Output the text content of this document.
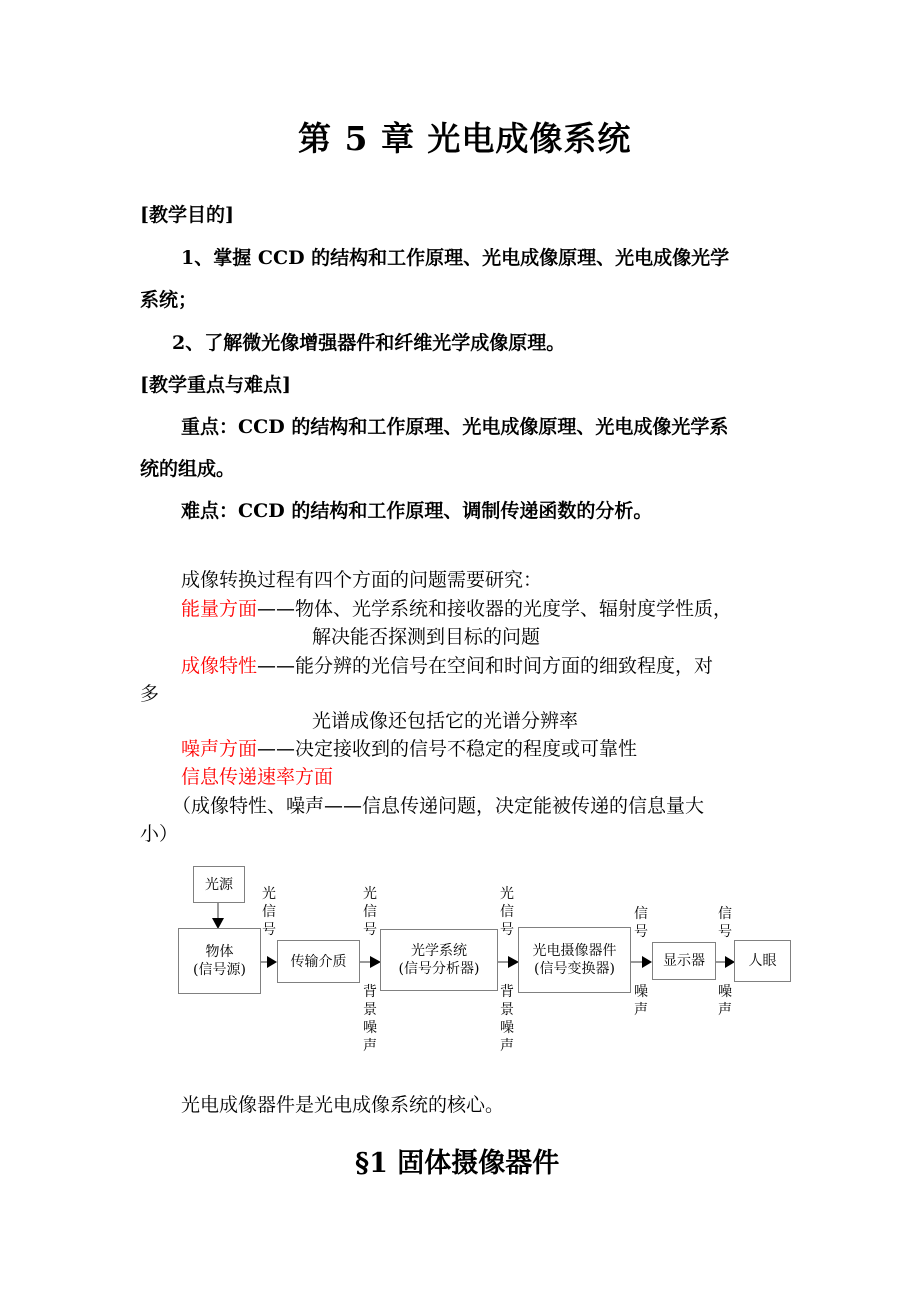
第 5 章 光电成像系统
[教学目的]
1、掌握 CCD 的结构和工作原理、光电成像原理、光电成像光学
系统；
2、了解微光像增强器件和纤维光学成像原理。
[教学重点与难点]
重点：CCD 的结构和工作原理、光电成像原理、光电成像光学系
统的组成。
难点：CCD 的结构和工作原理、调制传递函数的分析。
成像转换过程有四个方面的问题需要研究：
能量方面——物体、光学系统和接收器的光度学、辐射度学性质，
解决能否探测到目标的问题
成像特性——能分辨的光信号在空间和时间方面的细致程度，对
多
光谱成像还包括它的光谱分辨率
噪声方面——决定接收到的信号不稳定的程度或可靠性
信息传递速率方面
（成像特性、噪声——信息传递问题，决定能被传递的信息量大
小）
光源
物体
(信号源)
传输介质
光学系统
(信号分析器)
光电摄像器件
(信号变换器)	显示器	人眼
光信号
光信号
光信号
信号
信号
背景噪声
背景噪声
噪声
噪声
光电成像器件是光电成像系统的核心。
§1 固体摄像器件
